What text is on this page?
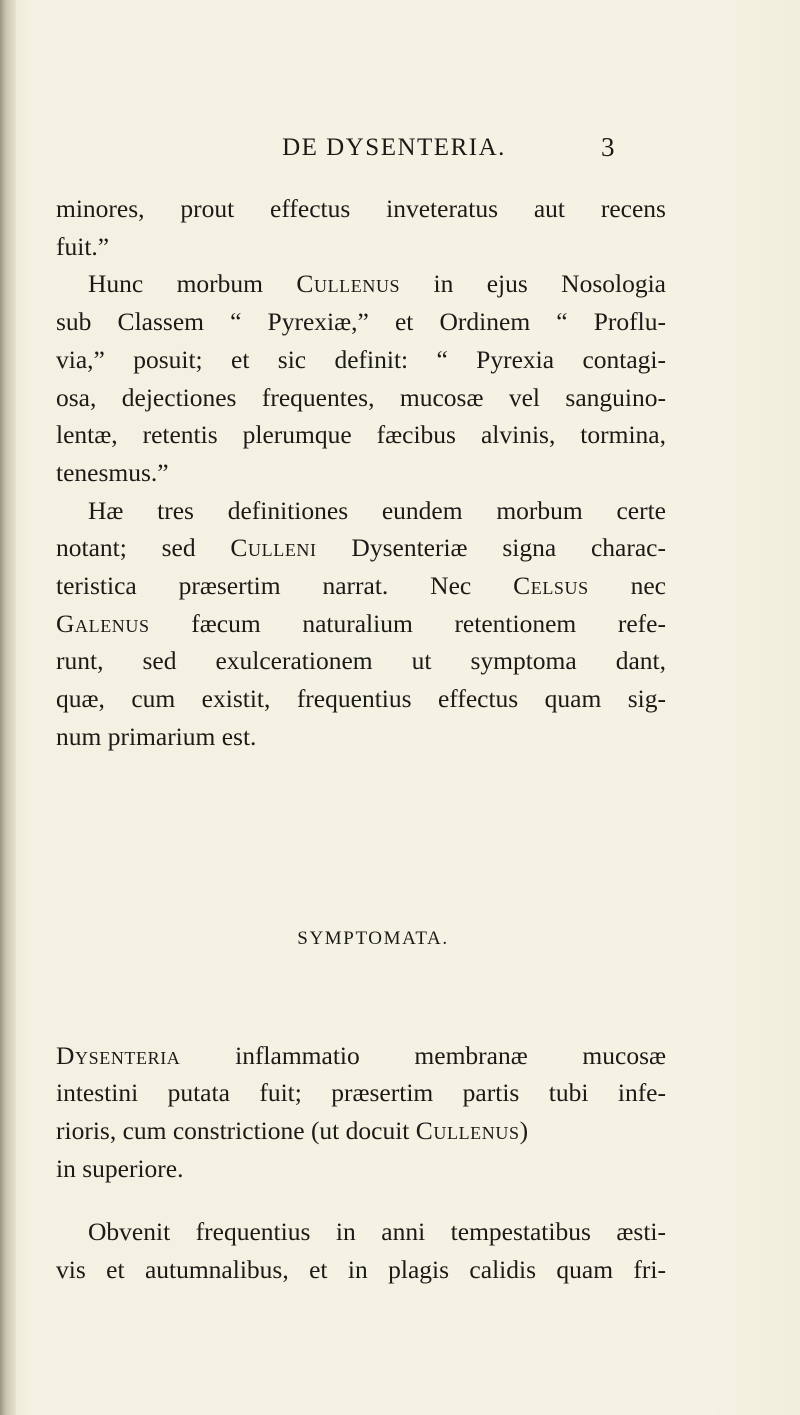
DE DYSENTERIA.	3

minores, prout effectus inveteratus aut recens
fuit.”

Hunc morbum Cullenus in ejus Nosologia
sub Classem “ Pyrexiæ,” et Ordinem “ Proflu-
via,” posuit; et sic definit: “ Pyrexia contagi-
osa, dejectiones frequentes, mucosæ vel sanguino-
lentæ, retentis plerumque fæcibus alvinis, tormina,
tenesmus.”

Hæ tres definitiones eundem morbum certe
notant; sed Culleni Dysenteriæ signa charac-
teristica præsertim narrat. Nec Celsus nec
Galenus fæcum naturalium retentionem refe-
runt, sed exulcerationem ut symptoma dant,
quæ, cum existit, frequentius effectus quam sig-
num primarium est.

SYMPTOMATA.

Dysenteria inflammatio membranæ mucosæ
intestini putata fuit; præsertim partis tubi infe-
rioris, cum constrictione (ut docuit Cullenus)
in superiore.

Obvenit frequentius in anni tempestatibus æsti-
vis et autumnalibus, et in plagis calidis quam fri-
